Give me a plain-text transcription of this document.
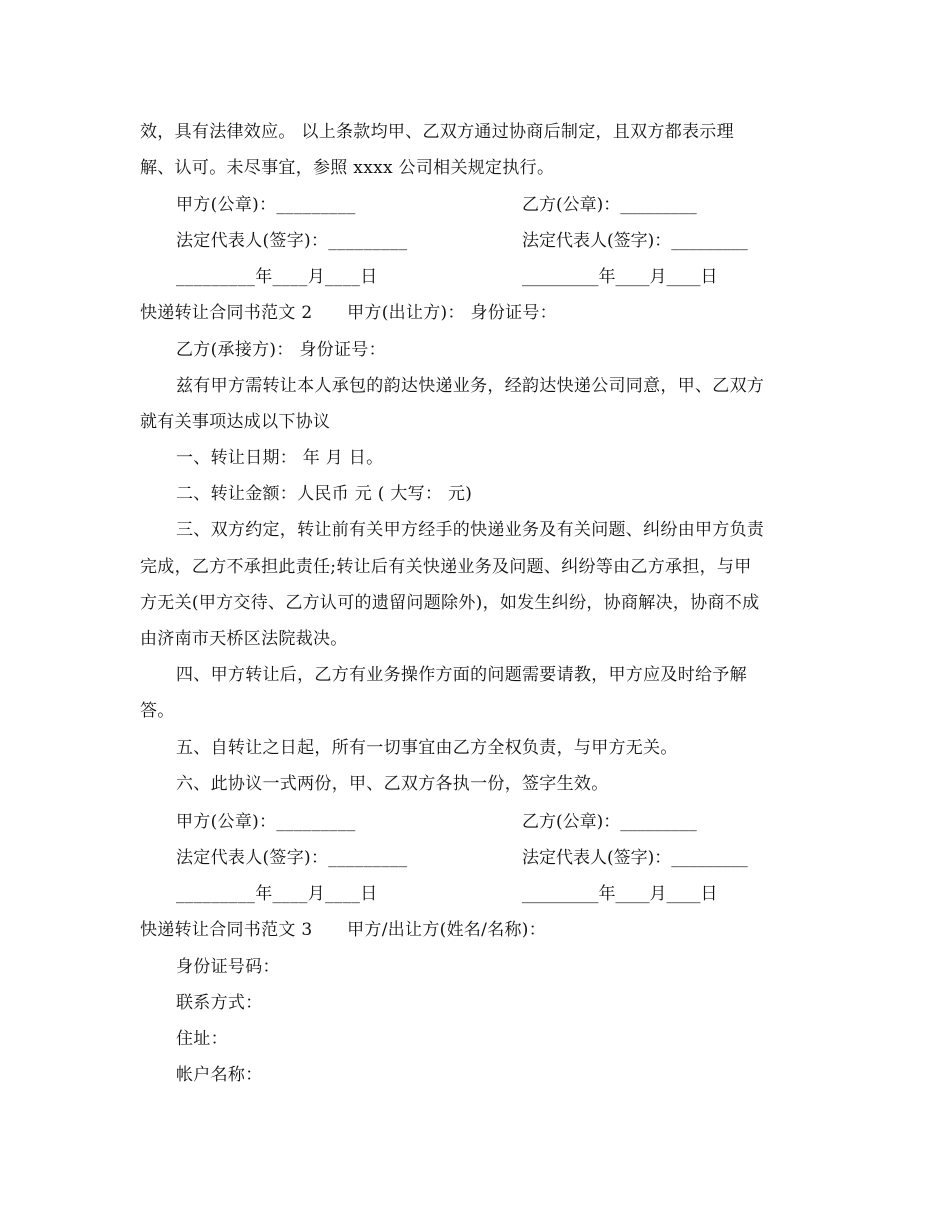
效，具有法律效应。 以上条款均甲、乙双方通过协商后制定，且双方都表示理
解、认可。未尽事宜，参照 xxxx 公司相关规定执行。
甲方(公章)：_________	乙方(公章)：_________
法定代表人(签字)：_________	法定代表人(签字)：_________
_________年____月____日	_________年____月____日
快递转让合同书范文 2　　甲方(出让方)： 身份证号：
乙方(承接方)： 身份证号：
兹有甲方需转让本人承包的韵达快递业务，经韵达快递公司同意，甲、乙双方
就有关事项达成以下协议
一、转让日期： 年 月 日。
二、转让金额：人民币 元 ( 大写： 元)
三、双方约定，转让前有关甲方经手的快递业务及有关问题、纠纷由甲方负责
完成，乙方不承担此责任;转让后有关快递业务及问题、纠纷等由乙方承担，与甲
方无关(甲方交待、乙方认可的遗留问题除外)，如发生纠纷，协商解决，协商不成
由济南市天桥区法院裁决。
四、甲方转让后，乙方有业务操作方面的问题需要请教，甲方应及时给予解
答。
五、自转让之日起，所有一切事宜由乙方全权负责，与甲方无关。
六、此协议一式两份，甲、乙双方各执一份，签字生效。
甲方(公章)：_________	乙方(公章)：_________
法定代表人(签字)：_________	法定代表人(签字)：_________
_________年____月____日	_________年____月____日
快递转让合同书范文 3　　甲方/出让方(姓名/名称)：
身份证号码：
联系方式：
住址：
帐户名称：
